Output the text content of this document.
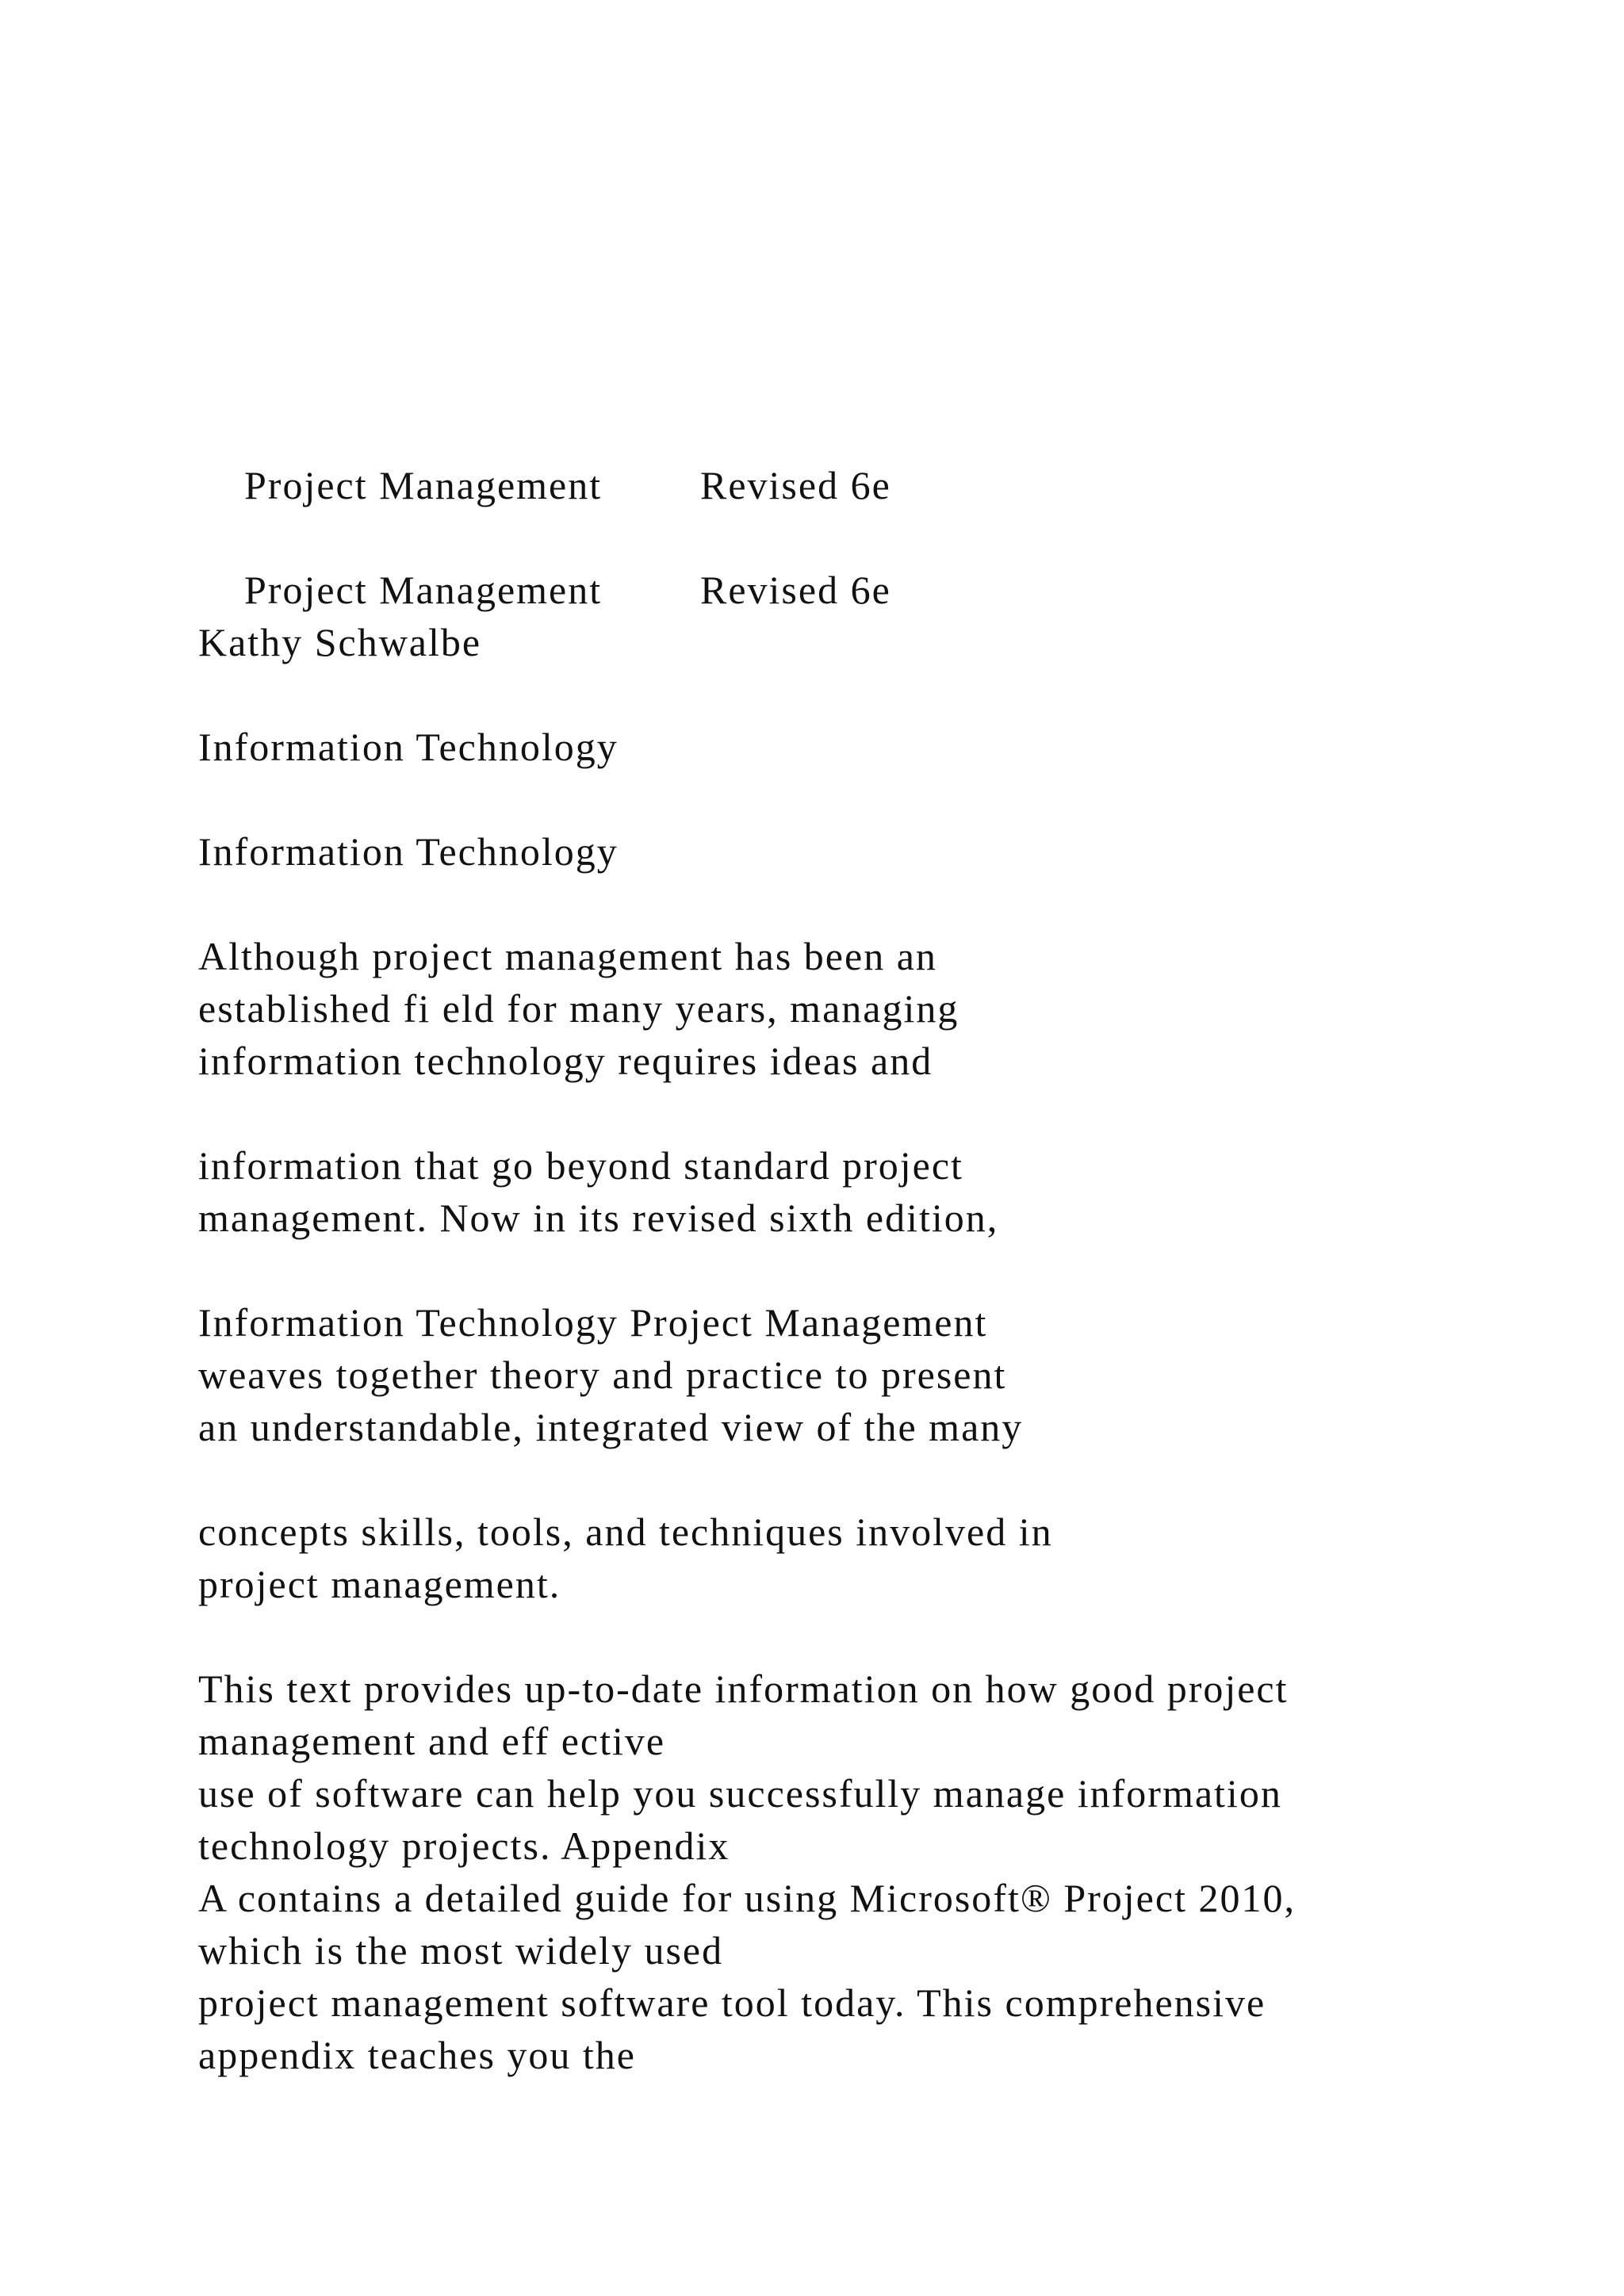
Project Management Revised 6e

Project Management Revised 6e

Kathy Schwalbe
Information Technology
Information Technology
Although project management has been an
established fi eld for many years, managing
information technology requires ideas and
information that go beyond standard project
management. Now in its revised sixth edition,
Information Technology Project Management
weaves together theory and practice to present
an understandable, integrated view of the many
concepts skills, tools, and techniques involved in
project management.
This text provides up-to-date information on how good project
management and eff ective
use of software can help you successfully manage information
technology projects. Appendix
A contains a detailed guide for using Microsoft® Project 2010,
which is the most widely used
project management software tool today. This comprehensive
appendix teaches you the
